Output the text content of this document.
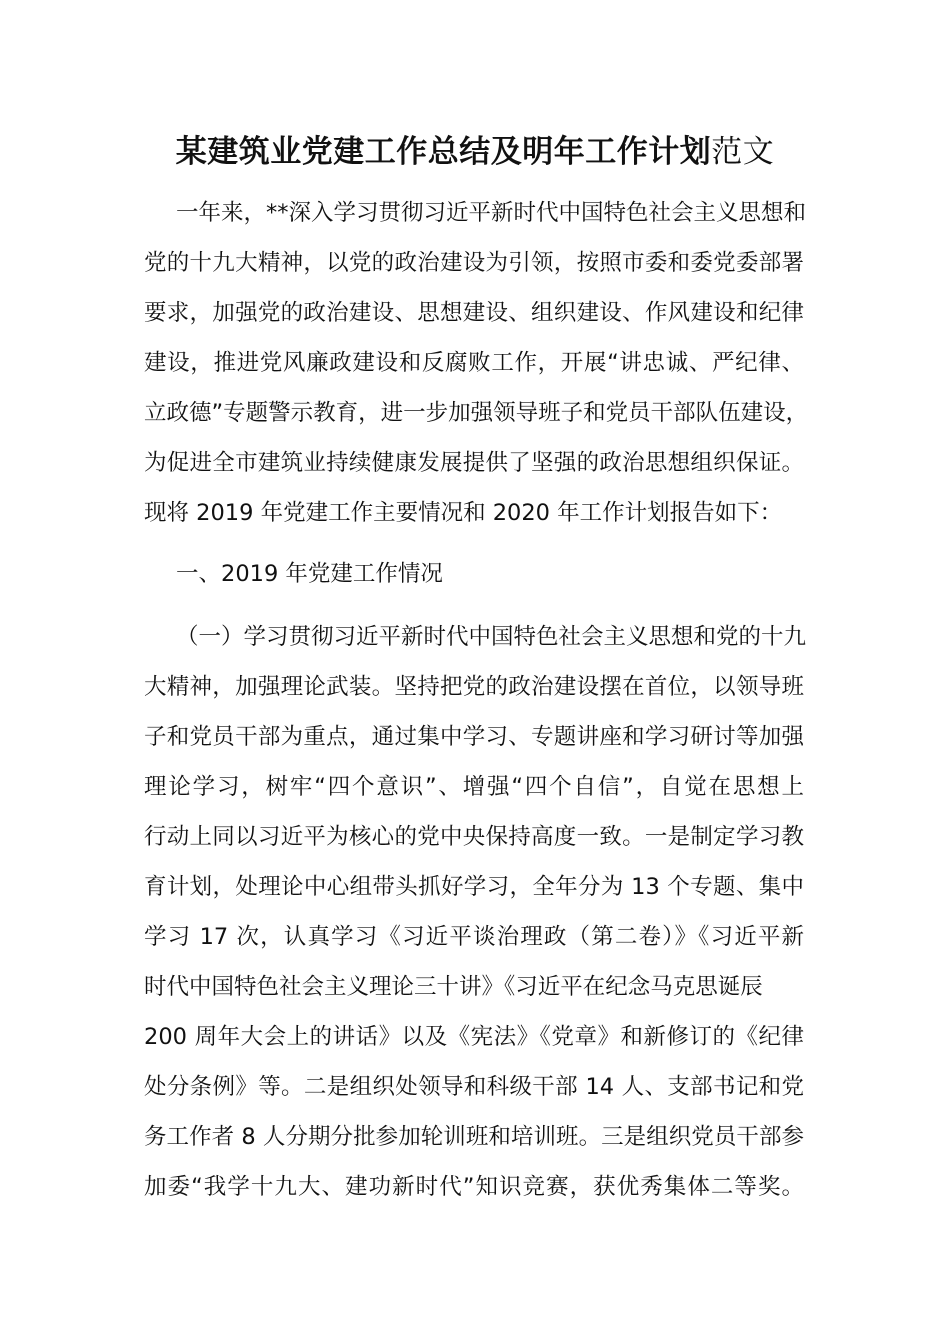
某建筑业党建工作总结及明年工作计划范文
一年来，**深入学习贯彻习近平新时代中国特色社会主义思想和
党的十九大精神，以党的政治建设为引领，按照市委和委党委部署
要求，加强党的政治建设、思想建设、组织建设、作风建设和纪律
建设，推进党风廉政建设和反腐败工作，开展“讲忠诚、严纪律、
立政德”专题警示教育，进一步加强领导班子和党员干部队伍建设，
为促进全市建筑业持续健康发展提供了坚强的政治思想组织保证。
现将 2019 年党建工作主要情况和 2020 年工作计划报告如下：
一、2019 年党建工作情况
（一）学习贯彻习近平新时代中国特色社会主义思想和党的十九
大精神，加强理论武装。坚持把党的政治建设摆在首位，以领导班
子和党员干部为重点，通过集中学习、专题讲座和学习研讨等加强
理论学习，树牢“四个意识”、增强“四个自信”，自觉在思想上
行动上同以习近平为核心的党中央保持高度一致。一是制定学习教
育计划，处理论中心组带头抓好学习，全年分为 13 个专题、集中
学习 17 次，认真学习《习近平谈治理政（第二卷）》《习近平新
时代中国特色社会主义理论三十讲》《习近平在纪念马克思诞辰
200 周年大会上的讲话》以及《宪法》《党章》和新修订的《纪律
处分条例》等。二是组织处领导和科级干部 14 人、支部书记和党
务工作者 8 人分期分批参加轮训班和培训班。三是组织党员干部参
加委“我学十九大、建功新时代”知识竞赛，获优秀集体二等奖。
